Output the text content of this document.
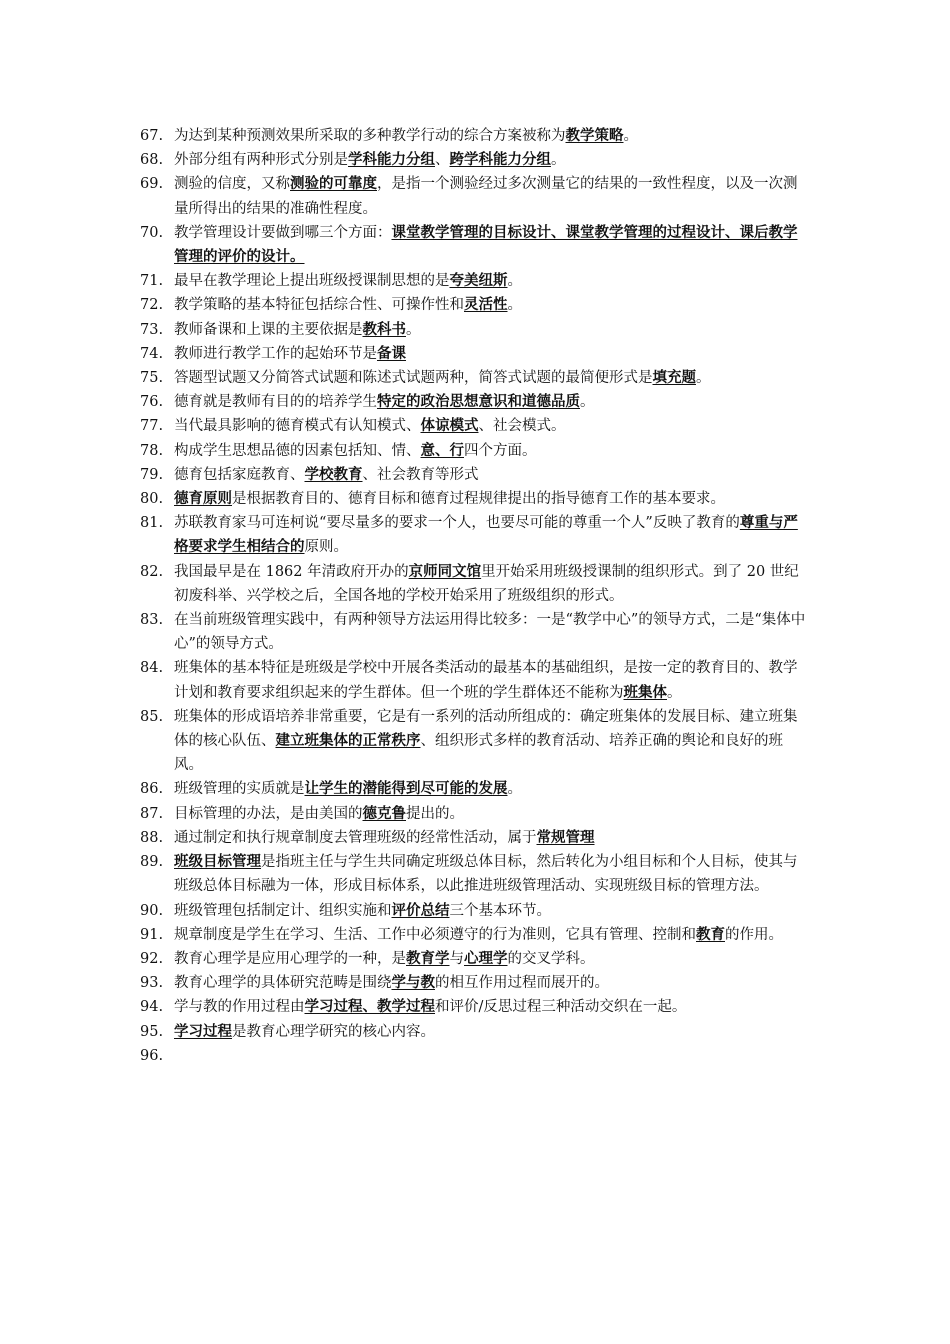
67. 为达到某种预测效果所采取的多种教学行动的综合方案被称为教学策略。
68. 外部分组有两种形式分别是学科能力分组、跨学科能力分组。
69. 测验的信度，又称测验的可靠度，是指一个测验经过多次测量它的结果的一致性程度，以及一次测量所得出的结果的准确性程度。
70. 教学管理设计要做到哪三个方面：课堂教学管理的目标设计、课堂教学管理的过程设计、课后教学管理的评价的设计。
71. 最早在教学理论上提出班级授课制思想的是夸美纽斯。
72. 教学策略的基本特征包括综合性、可操作性和灵活性。
73. 教师备课和上课的主要依据是教科书。
74. 教师进行教学工作的起始环节是备课
75. 答题型试题又分简答式试题和陈述式试题两种，简答式试题的最简便形式是填充题。
76. 德育就是教师有目的的培养学生特定的政治思想意识和道德品质。
77. 当代最具影响的德育模式有认知模式、体谅模式、社会模式。
78. 构成学生思想品德的因素包括知、情、意、行四个方面。
79. 德育包括家庭教育、学校教育、社会教育等形式
80. 德育原则是根据教育目的、德育目标和德育过程规律提出的指导德育工作的基本要求。
81. 苏联教育家马可连柯说“要尽量多的要求一个人，也要尽可能的尊重一个人”反映了教育的尊重与严格要求学生相结合的原则。
82. 我国最早是在 1862 年清政府开办的京师同文馆里开始采用班级授课制的组织形式。到了 20 世纪初废科举、兴学校之后，全国各地的学校开始采用了班级组织的形式。
83. 在当前班级管理实践中，有两种领导方法运用得比较多：一是“教学中心”的领导方式，二是“集体中心”的领导方式。
84. 班集体的基本特征是班级是学校中开展各类活动的最基本的基础组织，是按一定的教育目的、教学计划和教育要求组织起来的学生群体。但一个班的学生群体还不能称为班集体。
85. 班集体的形成语培养非常重要，它是有一系列的活动所组成的：确定班集体的发展目标、建立班集体的核心队伍、建立班集体的正常秩序、组织形式多样的教育活动、培养正确的舆论和良好的班风。
86. 班级管理的实质就是让学生的潜能得到尽可能的发展。
87. 目标管理的办法，是由美国的德克鲁提出的。
88. 通过制定和执行规章制度去管理班级的经常性活动，属于常规管理
89. 班级目标管理是指班主任与学生共同确定班级总体目标，然后转化为小组目标和个人目标，使其与班级总体目标融为一体，形成目标体系，以此推进班级管理活动、实现班级目标的管理方法。
90. 班级管理包括制定计、组织实施和评价总结三个基本环节。
91. 规章制度是学生在学习、生活、工作中必须遵守的行为准则，它具有管理、控制和教育的作用。
92. 教育心理学是应用心理学的一种，是教育学与心理学的交叉学科。
93. 教育心理学的具体研究范畴是围绕学与教的相互作用过程而展开的。
94. 学与教的作用过程由学习过程、教学过程和评价/反思过程三种活动交织在一起。
95. 学习过程是教育心理学研究的核心内容。
96.
